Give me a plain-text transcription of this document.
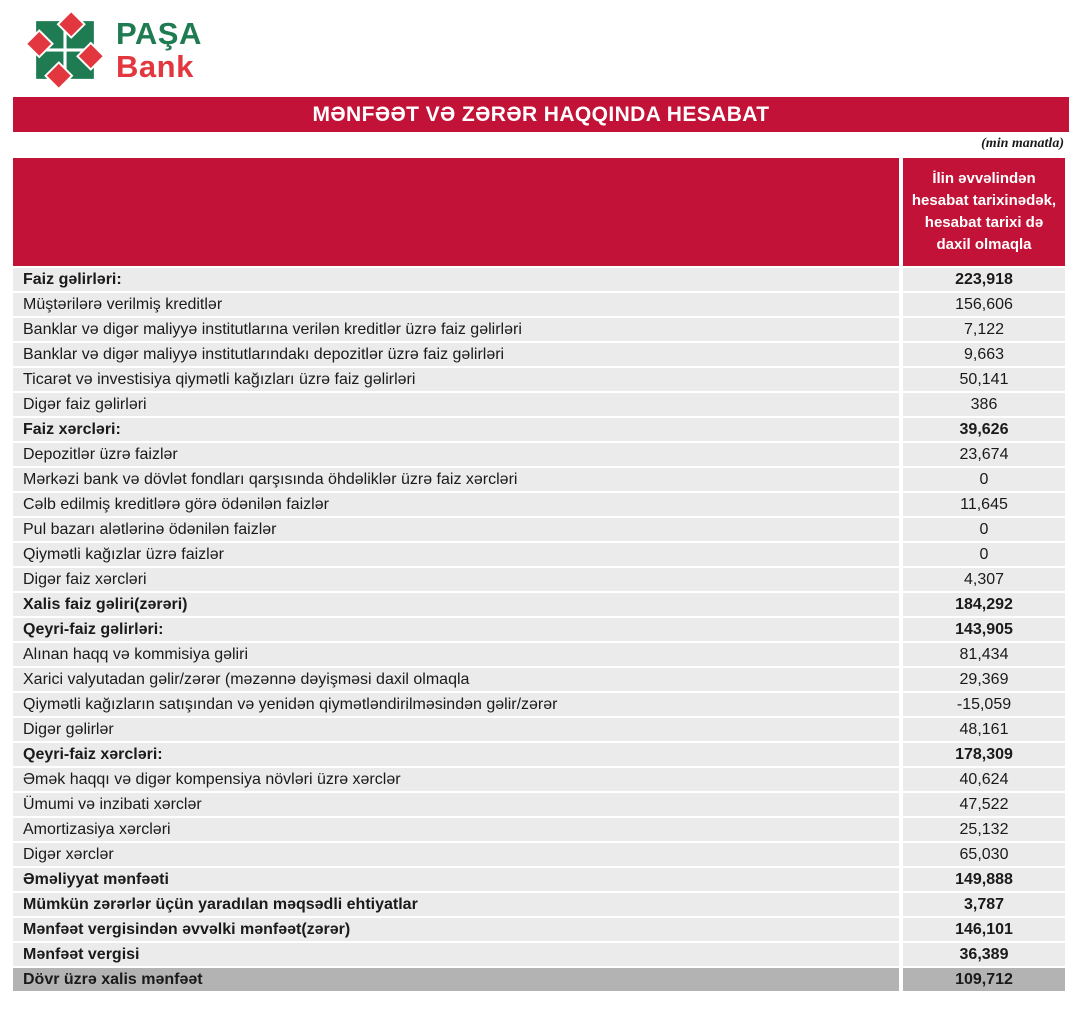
PAŞA
Bank
MƏNFƏƏT VƏ ZƏRƏR HAQQINDA HESABAT
(min manatla)
İlin əvvəlindən hesabat tarixinədək, hesabat tarixi də daxil olmaqla
Faiz gəlirləri:	223,918
Müştərilərə verilmiş kreditlər	156,606
Banklar və digər maliyyə institutlarına verilən kreditlər üzrə faiz gəlirləri	7,122
Banklar və digər maliyyə institutlarındakı depozitlər üzrə faiz gəlirləri	9,663
Ticarət və investisiya qiymətli kağızları üzrə faiz gəlirləri	50,141
Digər faiz gəlirləri	386
Faiz xərcləri:	39,626
Depozitlər üzrə faizlər	23,674
Mərkəzi bank və dövlət fondları qarşısında öhdəliklər üzrə faiz xərcləri	0
Cəlb edilmiş kreditlərə görə ödənilən faizlər	11,645
Pul bazarı alətlərinə ödənilən faizlər	0
Qiymətli kağızlar üzrə faizlər	0
Digər faiz xərcləri	4,307
Xalis faiz gəliri(zərəri)	184,292
Qeyri-faiz gəlirləri:	143,905
Alınan haqq və kommisiya gəliri	81,434
Xarici valyutadan gəlir/zərər (məzənnə dəyişməsi daxil olmaqla	29,369
Qiymətli kağızların satışından və yenidən qiymətləndirilməsindən gəlir/zərər	-15,059
Digər gəlirlər	48,161
Qeyri-faiz xərcləri:	178,309
Əmək haqqı və digər kompensiya növləri üzrə xərclər	40,624
Ümumi və inzibati xərclər	47,522
Amortizasiya xərcləri	25,132
Digər xərclər	65,030
Əməliyyat mənfəəti	149,888
Mümkün zərərlər üçün yaradılan məqsədli ehtiyatlar	3,787
Mənfəət vergisindən əvvəlki mənfəət(zərər)	146,101
Mənfəət vergisi	36,389
Dövr üzrə xalis mənfəət	109,712
